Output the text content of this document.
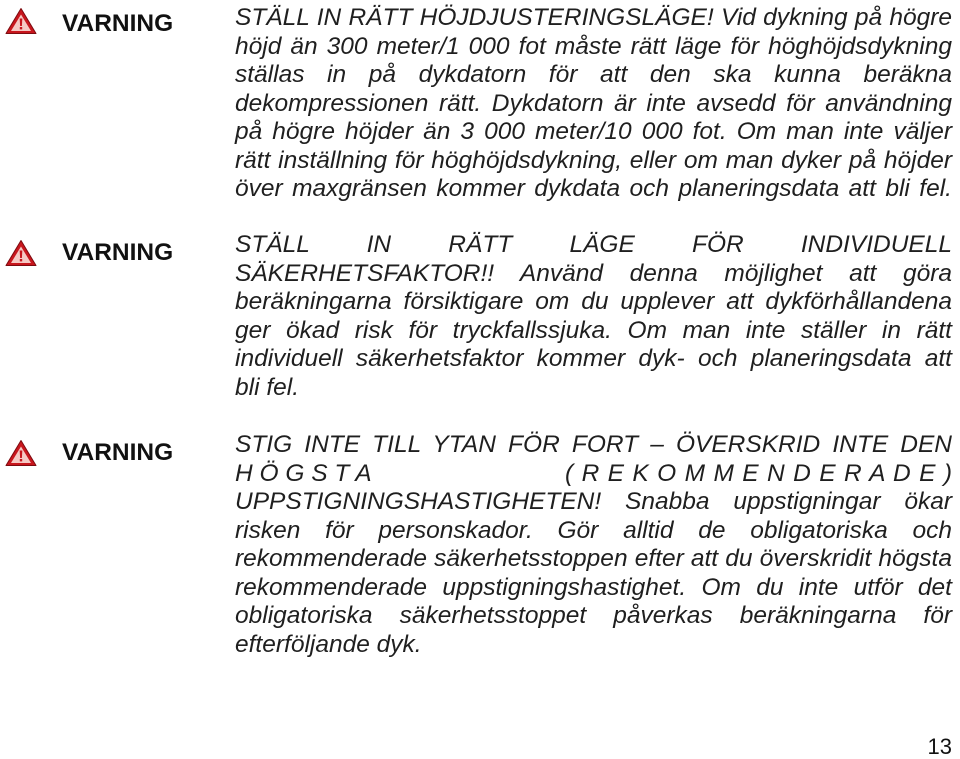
VARNING	STÄLL IN RÄTT HÖJDJUSTERINGSLÄGE! Vid dykning på högre
höjd än 300 meter/1 000 fot måste rätt läge för höghöjdsdykning
ställas in på dykdatorn för att den ska kunna beräkna
dekompressionen rätt. Dykdatorn är inte avsedd för användning
på högre höjder än 3 000 meter/10 000 fot. Om man inte väljer
rätt inställning för höghöjdsdykning, eller om man dyker på höjder
över maxgränsen kommer dykdata och planeringsdata att bli fel.
VARNING	STÄLL IN RÄTT LÄGE FÖR INDIVIDUELL
SÄKERHETSFAKTOR!! Använd denna möjlighet att göra
beräkningarna försiktigare om du upplever att dykförhållandena
ger ökad risk för tryckfallssjuka. Om man inte ställer in rätt
individuell säkerhetsfaktor kommer dyk- och planeringsdata att
bli fel.
VARNING	STIG INTE TILL YTAN FÖR FORT – ÖVERSKRID INTE DEN
H Ö G S T A	( R E K O M M E N D E R A D E )
UPPSTIGNINGSHASTIGHETEN! Snabba uppstigningar ökar
risken för personskador. Gör alltid de obligatoriska och
rekommenderade säkerhetsstoppen efter att du överskridit högsta
rekommenderade uppstigningshastighet. Om du inte utför det
obligatoriska säkerhetsstoppet påverkas beräkningarna för
efterföljande dyk.
13
